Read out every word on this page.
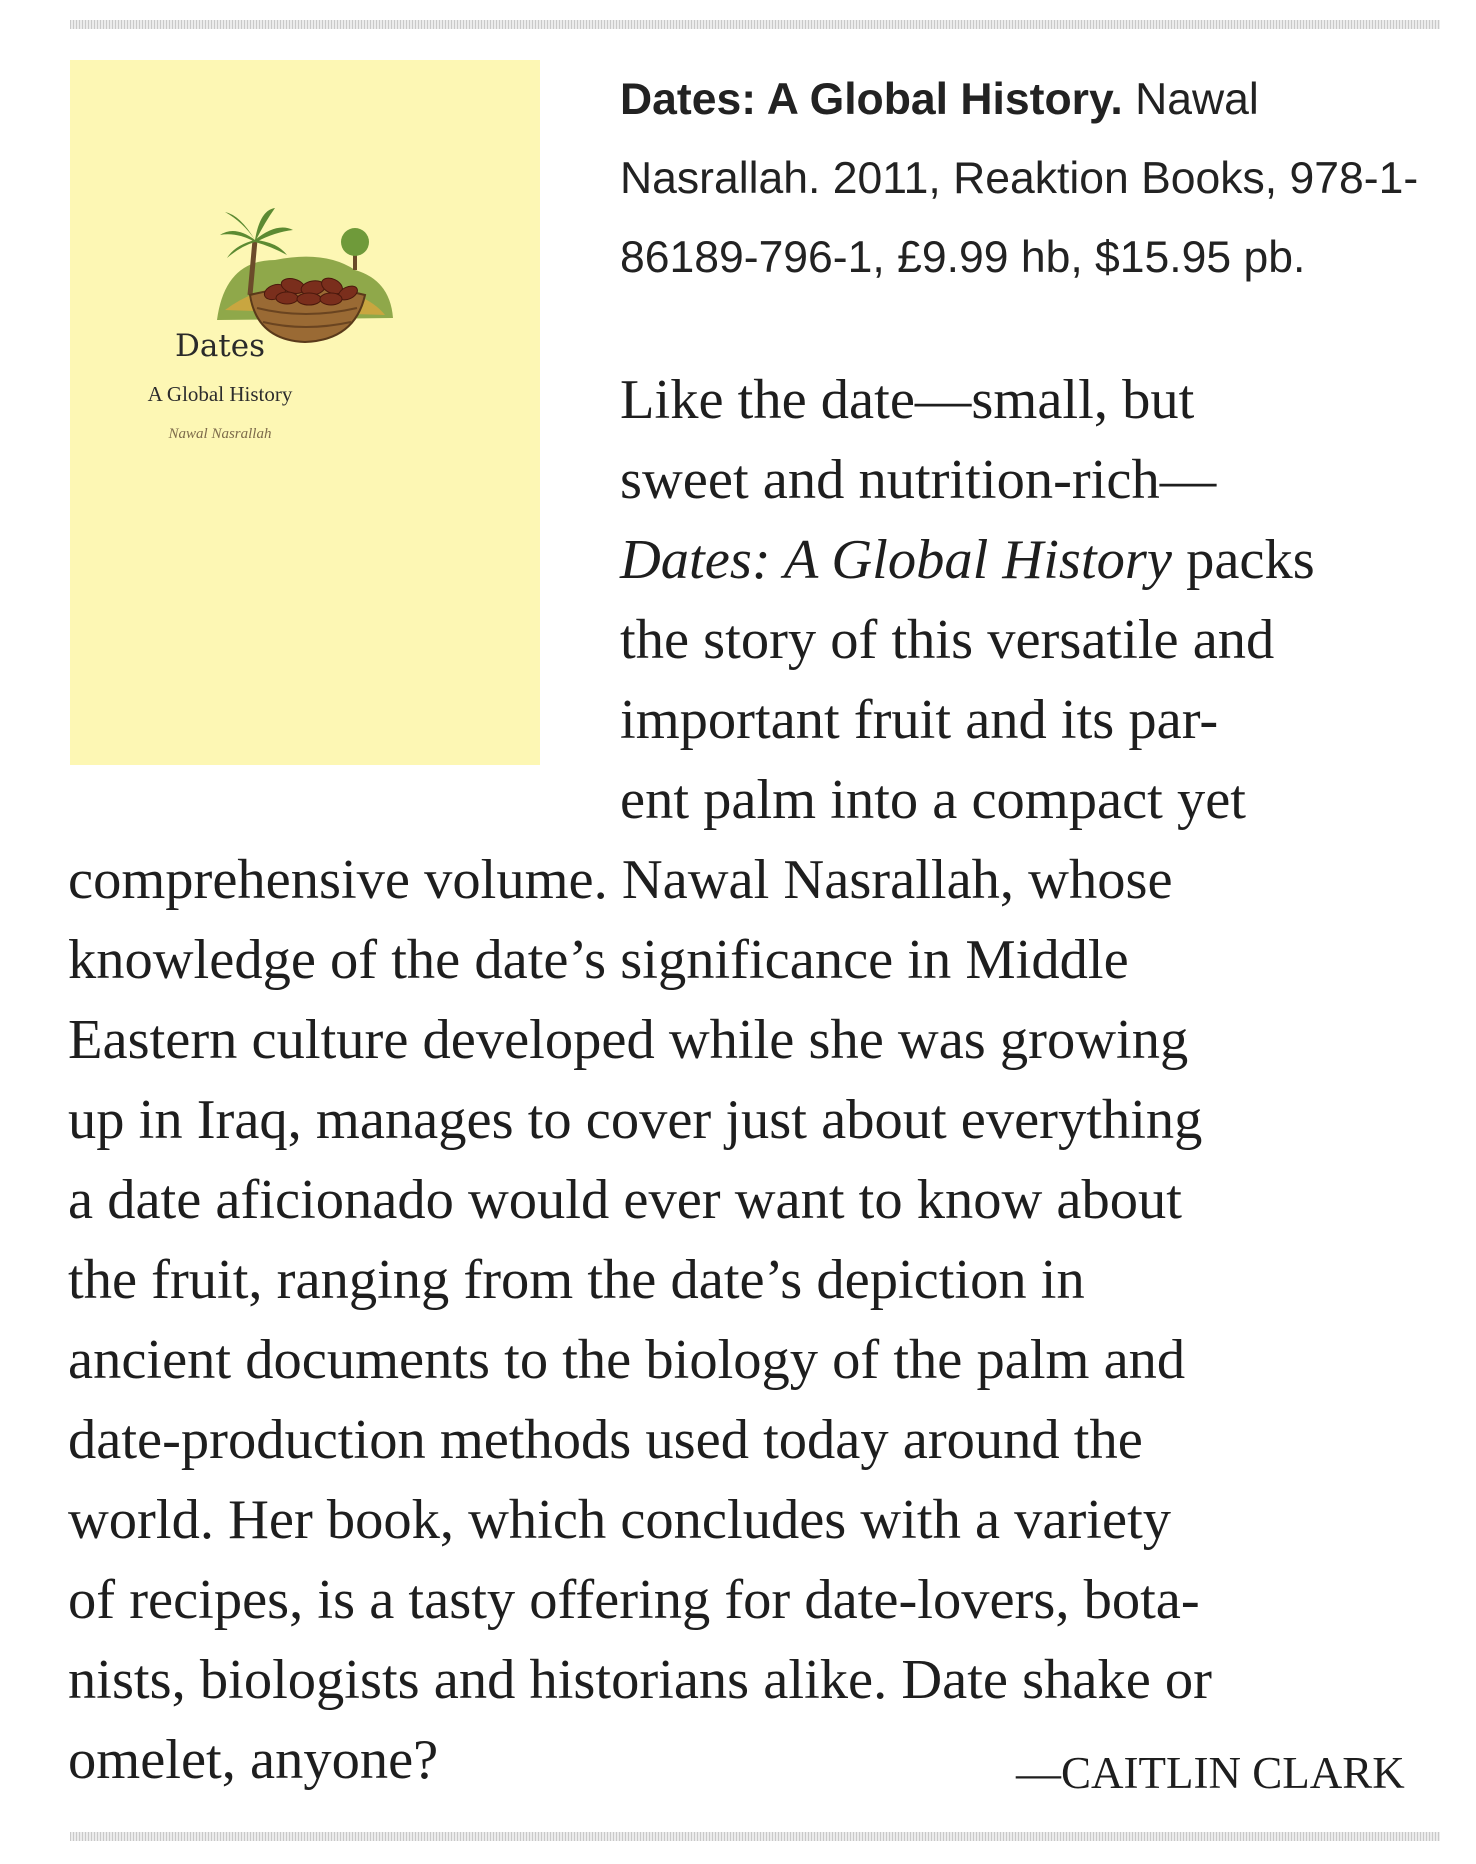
Dates
A Global History
Nawal Nasrallah

Dates: A Global History. Nawal Nasrallah. 2011, Reaktion Books, 978-1-86189-796-1, £9.99 hb, $15.95 pb.

Like the date—small, but

sweet and nutrition-rich—

Dates: A Global History packs

the story of this versatile and

important fruit and its par-

ent palm into a compact yet

comprehensive volume. Nawal Nasrallah, whose

knowledge of the date’s significance in Middle

Eastern culture developed while she was growing

up in Iraq, manages to cover just about everything

a date aficionado would ever want to know about

the fruit, ranging from the date’s depiction in

ancient documents to the biology of the palm and

date-production methods used today around the

world. Her book, which concludes with a variety

of recipes, is a tasty offering for date-lovers, bota-

nists, biologists and historians alike. Date shake or

omelet, anyone?	—CAITLIN CLARK
